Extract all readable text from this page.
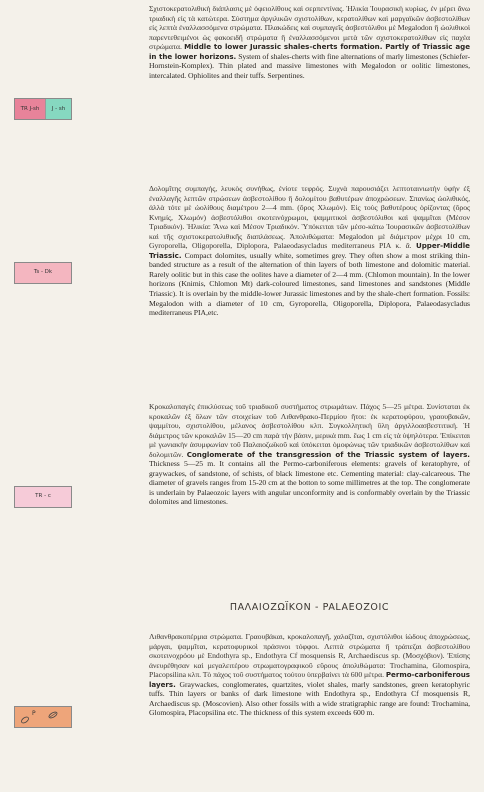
TR J-sh	J - sh
Ts - Dk
TR - c
P

Σχιστοκερατολιθικὴ διάπλασις μὲ ὀφειολίθους καὶ σερπεντίνας. Ἡλικία Ἰουρασικὴ κυρίως, ἐν μέρει ἄνω τριαδικὴ εἰς τὰ κατώτερα. Σύστημα ἀργιλικῶν σχιστολίθων, κερατολίθων καὶ μαργαϊκῶν ἀσβεστολίθων εἰς λεπτὰ ἐναλλασσόμενα στρώματα. Πλακώδεις καὶ συμπαγεῖς ἀσβεστόλιθοι μὲ Megalodon ἢ ὠολιθικοὶ παρεντεθειμένοι ὡς φακοειδῆ στρώματα ἢ ἐναλλασσόμενοι μετὰ τῶν σχιστοκερατολίθων εἰς παχέα στρώματα. Middle to lower Jurassic shales-cherts formation. Partly of Triassic age in the lower horizons. System of shales-cherts with fine alternations of marly limestones (Schiefer-Hornstein-Komplex). Thin plated and massive limestones with Megalodon or oolitic limestones, intercalated. Ophiolites and their tuffs. Serpentines.

Δολομῖτης συμπαγής, λευκὸς συνήθως, ἐνίοτε τεφρός. Συχνὰ παρουσιάζει λεπτοταινιωτὴν ὑφὴν ἐξ ἐναλλαγῆς λεπτῶν στρώσεων ἀσβεστολίθου ἢ δολομίτου βαθυτέρων ἀποχρώσεων. Σπανίως ὠολιθικός, ἀλλὰ τότε μὲ ὠολίθους διαμέτρου 2—4 mm. (ὄρος Χλωμόν). Εἰς τοὺς βαθυτέρους ὁρίζοντας (ὄρος Κνημίς, Χλωμόν) ἀσβεστόλιθοι σκοτεινόχρωμοι, ψαμμιτικοὶ ἀσβεστόλιθοι καὶ ψαμμῖται (Μέσον Τριαδικόν). Ἡλικία: Ἄνω καὶ Μέσον Τριαδικόν. Ὑπόκειται τῶν μέσο-κάτω Ἰουρασικῶν ἀσβεστολίθων καὶ τῆς σχιστοκερατολιθικῆς διαπλάσεως. Ἀπολιθώματα: Megalodon μὲ διάμετρον μέχρι 10 cm, Gyroporella, Oligoporella, Diplopora, Palaeodasycladus mediterraneus PIA κ. ἄ. Upper-Middle Triassic. Compact dolomites, usually white, sometimes grey. They often show a most striking thin-banded structure as a result of the alternation of thin layers of both limestone and dolomitic material. Rarely oolitic but in this case the oolites have a diameter of 2—4 mm. (Chlomon mountain). In the lower horizons (Knimis, Chlomon Mt) dark-coloured limestones, sand limestones and sandstones (Middle Triassic). It is overlain by the middle-lower Jurassic limestones and by the shale-chert formation. Fossils: Megalodon with a diameter of 10 cm, Gyroporella, Oligoporella, Diplopora, Palaeodasycladus mediterraneus PIA,etc.

Κροκαλοπαγὲς ἐπικλύσεως τοῦ τριαδικοῦ συστήματος στρωμάτων. Πάχος 5—25 μέτρα. Συνίσταται ἐκ κροκαλῶν ἐξ ὅλων τῶν στοιχείων τοῦ Λιθανθρακο-Περμίου ἤτοι: ἐκ κερατοφύρου, γραουβακῶν, ψαμμίτου, σχιστολίθου, μέλανος ἀσβεστολίθου κλπ. Συγκολλητικὴ ὕλη ἀργιλλοασβεστιτική. Ἡ διάμετρος τῶν κροκαλῶν 15—20 cm παρὰ τὴν βάσιν, μερικὰ mm. ἕως 1 cm εἰς τὰ ὑψηλότερα. Ἐπίκειται μὲ γωνιακὴν ἀσυμφωνίαν τοῦ Παλαιοζωϊκοῦ καὶ ὑπόκειται ὁμοφώνως τῶν τριαδικῶν ἀσβεστολίθων καὶ δολομιτῶν. Conglomerate of the transgression of the Triassic system of layers. Thickness 5—25 m. It contains all the Permo-carboniferous elements: gravels of keratophyre, of graywackes, of sandstone, of schists, of black limestone etc. Cementing material: clay-calcareous. The diameter of gravels ranges from 15-20 cm at the botton to some millimetres at the top. The conglomerate is underlain by Palaeozoic layers with angular unconformity and is conformably overlain by the Triassic dolomites and limestones.

ΠΑΛΑΙΟΖΩΪΚΟΝ - PALAEOZOIC

Λιθανθρακοπέρμια στρώματα. Γραουβάκαι, κροκαλοπαγῆ, χαλαζῖται, σχιστόλιθοι ἰώδους ἀποχρώσεως, μάργαι, ψαμμῖται, κερατοφυρικοὶ πράσινοι τόφφοι. Λεπτὰ στρώματα ἢ τράπεζαι ἀσβεστολίθου σκοτεινοχρόου μὲ Endothyra sp., Endothyra Cf mosquensis R, Archaediscus sp. (Μοσχόβιον). Ἐπίσης ἀνευρέθησαν καὶ μεγαλειτέρου στρωματογραφικοῦ εὔρους ἀπολιθώματα: Trochamina, Glomospira, Placopsilina κλπ. Τὸ πάχος τοῦ συστήματος τούτου ὑπερβαίνει τὰ 600 μέτρα. Permo-carboniferous layers. Graywackes, conglomerates, quartzites, violet shales, marly sandstones, green keratophyric tuffs. Thin layers or banks of dark limestone with Endothyra sp., Endothyra Cf mosquensis R, Archaediscus sp. (Moscovien). Also other fossils with a wide stratigraphic range are found: Trochamina, Glomospira, Placopsilina etc. The thickness of this system exceeds 600 m.
